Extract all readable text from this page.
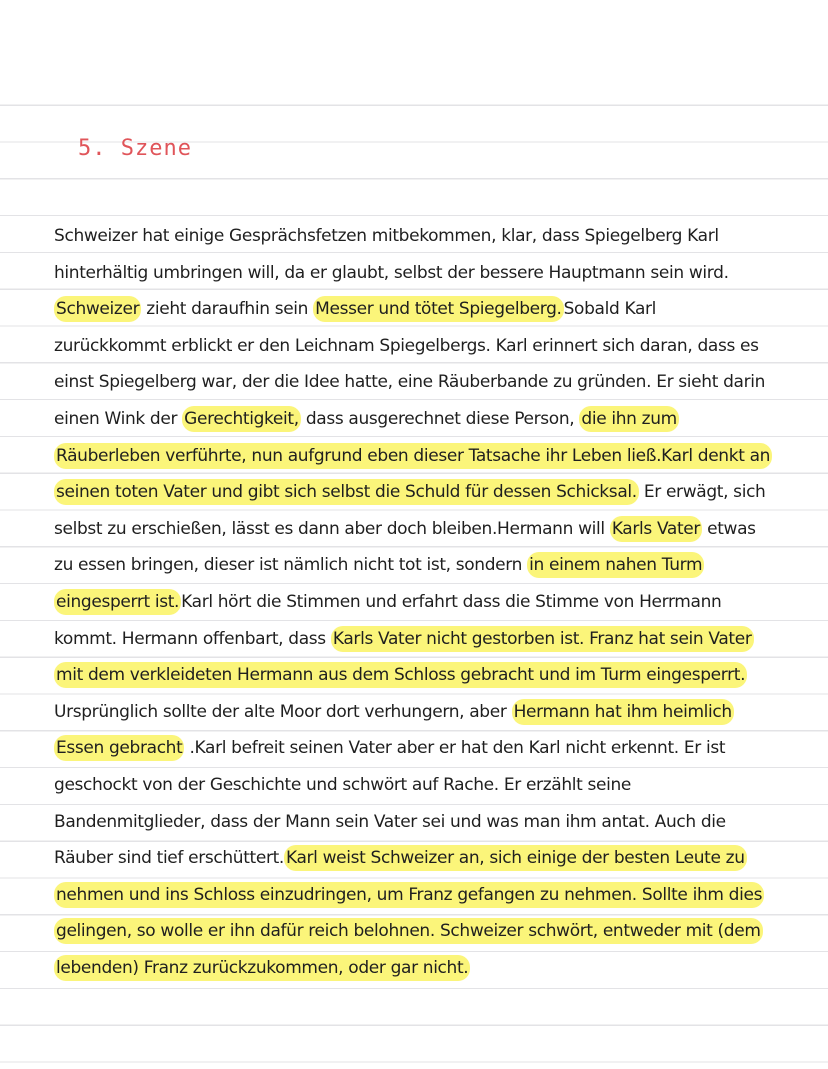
5. Szene
Schweizer hat einige Gesprächsfetzen mitbekommen, klar, dass Spiegelberg Karl
hinterhältig umbringen will, da er glaubt, selbst der bessere Hauptmann sein wird.
Schweizer zieht daraufhin sein Messer und tötet Spiegelberg. Sobald Karl
zurückkommt erblickt er den Leichnam Spiegelbergs. Karl erinnert sich daran, dass es
einst Spiegelberg war, der die Idee hatte, eine Räuberbande zu gründen. Er sieht darin
einen Wink der Gerechtigkeit, dass ausgerechnet diese Person, die ihn zum
Räuberleben verführte, nun aufgrund eben dieser Tatsache ihr Leben ließ.Karl denkt an
seinen toten Vater und gibt sich selbst die Schuld für dessen Schicksal. Er erwägt, sich
selbst zu erschießen, lässt es dann aber doch bleiben.Hermann will Karls Vater etwas
zu essen bringen, dieser ist nämlich nicht tot ist, sondern in einem nahen Turm
eingesperrt ist. Karl hört die Stimmen und erfahrt dass die Stimme von Herrmann
kommt. Hermann offenbart, dass Karls Vater nicht gestorben ist. Franz hat sein Vater
mit dem verkleideten Hermann aus dem Schloss gebracht und im Turm eingesperrt.
Ursprünglich sollte der alte Moor dort verhungern, aber Hermann hat ihm heimlich
Essen gebracht .Karl befreit seinen Vater aber er hat den Karl nicht erkennt. Er ist
geschockt von der Geschichte und schwört auf Rache. Er erzählt seine
Bandenmitglieder, dass der Mann sein Vater sei und was man ihm antat. Auch die
Räuber sind tief erschüttert. Karl weist Schweizer an, sich einige der besten Leute zu
nehmen und ins Schloss einzudringen, um Franz gefangen zu nehmen. Sollte ihm dies
gelingen, so wolle er ihn dafür reich belohnen. Schweizer schwört, entweder mit (dem
lebenden) Franz zurückzukommen, oder gar nicht.
